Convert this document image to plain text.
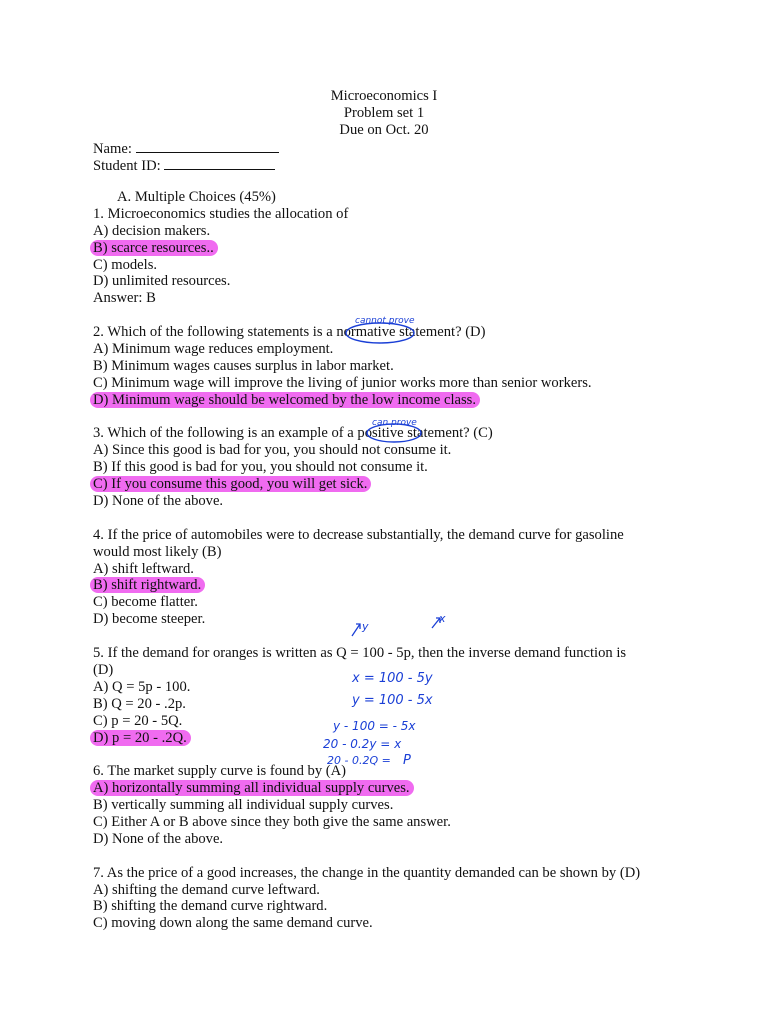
Microeconomics I
Problem set 1
Due on Oct. 20
Name:
Student ID:
A. Multiple Choices (45%)
1. Microeconomics studies the allocation of
A) decision makers.
B) scarce resources..
C) models.
D) unlimited resources.
Answer: B
2. Which of the following statements is a normative statement? (D)
A) Minimum wage reduces employment.
B) Minimum wages causes surplus in labor market.
C) Minimum wage will improve the living of junior works more than senior workers.
D) Minimum wage should be welcomed by the low income class.
3. Which of the following is an example of a positive statement? (C)
A) Since this good is bad for you, you should not consume it.
B) If this good is bad for you, you should not consume it.
C) If you consume this good, you will get sick.
D) None of the above.
4. If the price of automobiles were to decrease substantially, the demand curve for gasoline
would most likely (B)
A) shift leftward.
B) shift rightward.
C) become flatter.
D) become steeper.
5. If the demand for oranges is written as Q = 100 - 5p, then the inverse demand function is
(D)
A) Q = 5p - 100.
B) Q = 20 - .2p.
C) p = 20 - 5Q.
D) p = 20 - .2Q.
6. The market supply curve is found by (A)
A) horizontally summing all individual supply curves.
B) vertically summing all individual supply curves.
C) Either A or B above since they both give the same answer.
D) None of the above.
7. As the price of a good increases, the change in the quantity demanded can be shown by (D)
A) shifting the demand curve leftward.
B) shifting the demand curve rightward.
C) moving down along the same demand curve.
cannot prove
can prove
y
x
x = 100 - 5y
y = 100 - 5x
y - 100 = - 5x
20 - 0.2y = x
20 - 0.2Q = P
